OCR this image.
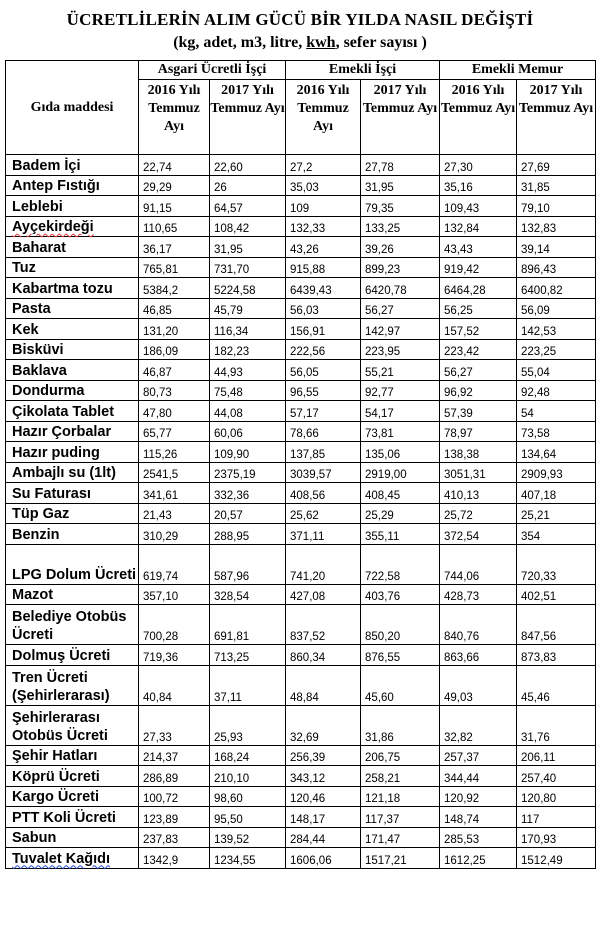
ÜCRETLİLERİN ALIM GÜCÜ BİR YILDA NASIL DEĞİŞTİ
(kg, adet, m3, litre, kwh, sefer sayısı )
Gıda maddesi	Asgari Ücretli İşçi		Emekli İşçi		Emekli Memur	
	2016 Yılı Temmuz Ayı	2017 Yılı Temmuz Ayı	2016 Yılı Temmuz Ayı	2017 Yılı Temmuz Ayı	2016 Yılı Temmuz Ayı	2017 Yılı Temmuz Ayı
Badem İçi	22,74	22,60	27,2	27,78	27,30	27,69
Antep Fıstığı	29,29	26	35,03	31,95	35,16	31,85
Leblebi	91,15	64,57	109	79,35	109,43	79,10
Ayçekirdeği	110,65	108,42	132,33	133,25	132,84	132,83
Baharat	36,17	31,95	43,26	39,26	43,43	39,14
Tuz	765,81	731,70	915,88	899,23	919,42	896,43
Kabartma tozu	5384,2	5224,58	6439,43	6420,78	6464,28	6400,82
Pasta	46,85	45,79	56,03	56,27	56,25	56,09
Kek	131,20	116,34	156,91	142,97	157,52	142,53
Bisküvi	186,09	182,23	222,56	223,95	223,42	223,25
Baklava	46,87	44,93	56,05	55,21	56,27	55,04
Dondurma	80,73	75,48	96,55	92,77	96,92	92,48
Çikolata Tablet	47,80	44,08	57,17	54,17	57,39	54
Hazır Çorbalar	65,77	60,06	78,66	73,81	78,97	73,58
Hazır puding	115,26	109,90	137,85	135,06	138,38	134,64
Ambajlı su (1lt)	2541,5	2375,19	3039,57	2919,00	3051,31	2909,93
Su Faturası	341,61	332,36	408,56	408,45	410,13	407,18
Tüp Gaz	21,43	20,57	25,62	25,29	25,72	25,21
Benzin	310,29	288,95	371,11	355,11	372,54	354
LPG Dolum Ücreti	619,74	587,96	741,20	722,58	744,06	720,33
Mazot	357,10	328,54	427,08	403,76	428,73	402,51
Belediye Otobüs Ücreti	700,28	691,81	837,52	850,20	840,76	847,56
Dolmuş Ücreti	719,36	713,25	860,34	876,55	863,66	873,83
Tren Ücreti (Şehirlerarası)	40,84	37,11	48,84	45,60	49,03	45,46
Şehirlerarası Otobüs Ücreti	27,33	25,93	32,69	31,86	32,82	31,76
Şehir Hatları	214,37	168,24	256,39	206,75	257,37	206,11
Köprü Ücreti	286,89	210,10	343,12	258,21	344,44	257,40
Kargo Ücreti	100,72	98,60	120,46	121,18	120,92	120,80
PTT Koli Ücreti	123,89	95,50	148,17	117,37	148,74	117
Sabun	237,83	139,52	284,44	171,47	285,53	170,93
Tuvalet Kağıdı	1342,9	1234,55	1606,06	1517,21	1612,25	1512,49
